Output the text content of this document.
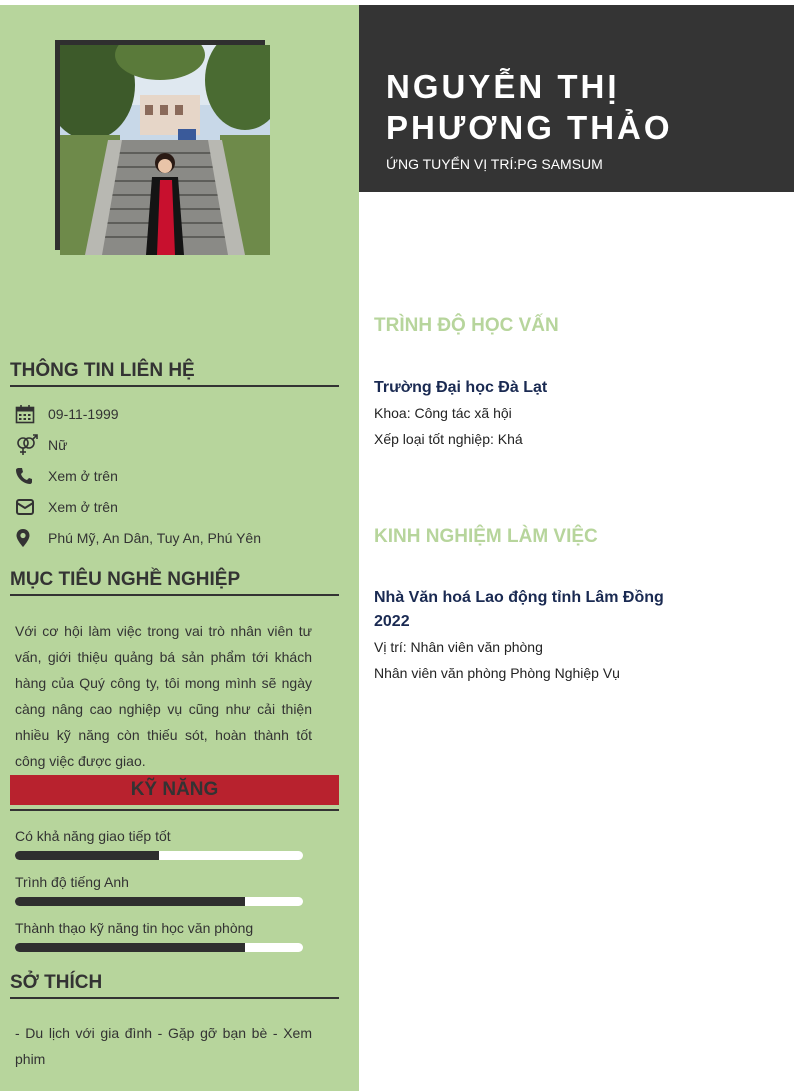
THÔNG TIN LIÊN HỆ
09-11-1999
Nữ
Xem ở trên
Xem ở trên
Phú Mỹ, An Dân, Tuy An, Phú Yên
MỤC TIÊU NGHỀ NGHIỆP
Với cơ hội làm việc trong vai trò nhân viên tư vấn, giới thiệu quảng bá sản phẩm tới khách hàng của Quý công ty, tôi mong mình sẽ ngày càng nâng cao nghiệp vụ cũng như cải thiện nhiều kỹ năng còn thiếu sót, hoàn thành tốt công việc được giao.
KỸ NĂNG
Có khả năng giao tiếp tốt
Trình độ tiếng Anh
Thành thạo kỹ năng tin học văn phòng
SỞ THÍCH
- Du lịch với gia đình - Gặp gỡ bạn bè - Xem phim
NGUYỄN THỊ PHƯƠNG THẢO
ỨNG TUYỂN VỊ TRÍ:PG SAMSUM
TRÌNH ĐỘ HỌC VẤN
Trường Đại học Đà Lạt
Khoa: Công tác xã hội
Xếp loại tốt nghiệp: Khá
KINH NGHIỆM LÀM VIỆC
Nhà Văn hoá Lao động tỉnh Lâm Đồng
2022
Vị trí: Nhân viên văn phòng
Nhân viên văn phòng Phòng Nghiệp Vụ
